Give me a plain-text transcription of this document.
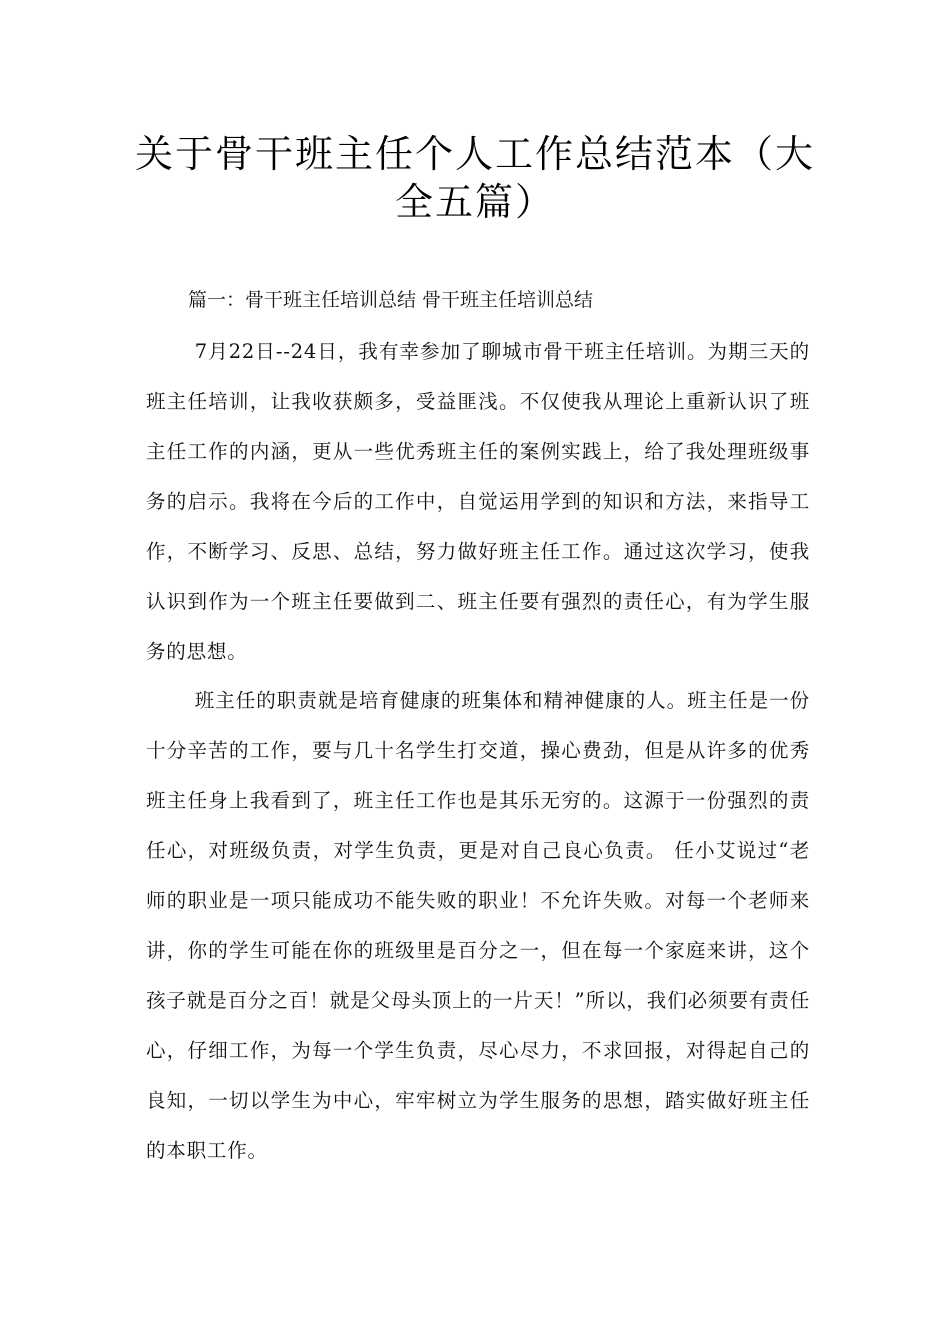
关于骨干班主任个人工作总结范本（大全五篇）

篇一：骨干班主任培训总结 骨干班主任培训总结

7月22日--24日，我有幸参加了聊城市骨干班主任培训。为期三天的班主任培训，让我收获颇多，受益匪浅。不仅使我从理论上重新认识了班主任工作的内涵，更从一些优秀班主任的案例实践上，给了我处理班级事务的启示。我将在今后的工作中，自觉运用学到的知识和方法，来指导工作，不断学习、反思、总结，努力做好班主任工作。通过这次学习，使我认识到作为一个班主任要做到二、班主任要有强烈的责任心，有为学生服务的思想。

班主任的职责就是培育健康的班集体和精神健康的人。班主任是一份十分辛苦的工作，要与几十名学生打交道，操心费劲，但是从许多的优秀班主任身上我看到了，班主任工作也是其乐无穷的。这源于一份强烈的责任心，对班级负责，对学生负责，更是对自己良心负责。 任小艾说过“老师的职业是一项只能成功不能失败的职业！不允许失败。对每一个老师来讲，你的学生可能在你的班级里是百分之一，但在每一个家庭来讲，这个孩子就是百分之百！就是父母头顶上的一片天！”所以，我们必须要有责任心，仔细工作，为每一个学生负责，尽心尽力，不求回报，对得起自己的良知，一切以学生为中心，牢牢树立为学生服务的思想，踏实做好班主任的本职工作。
